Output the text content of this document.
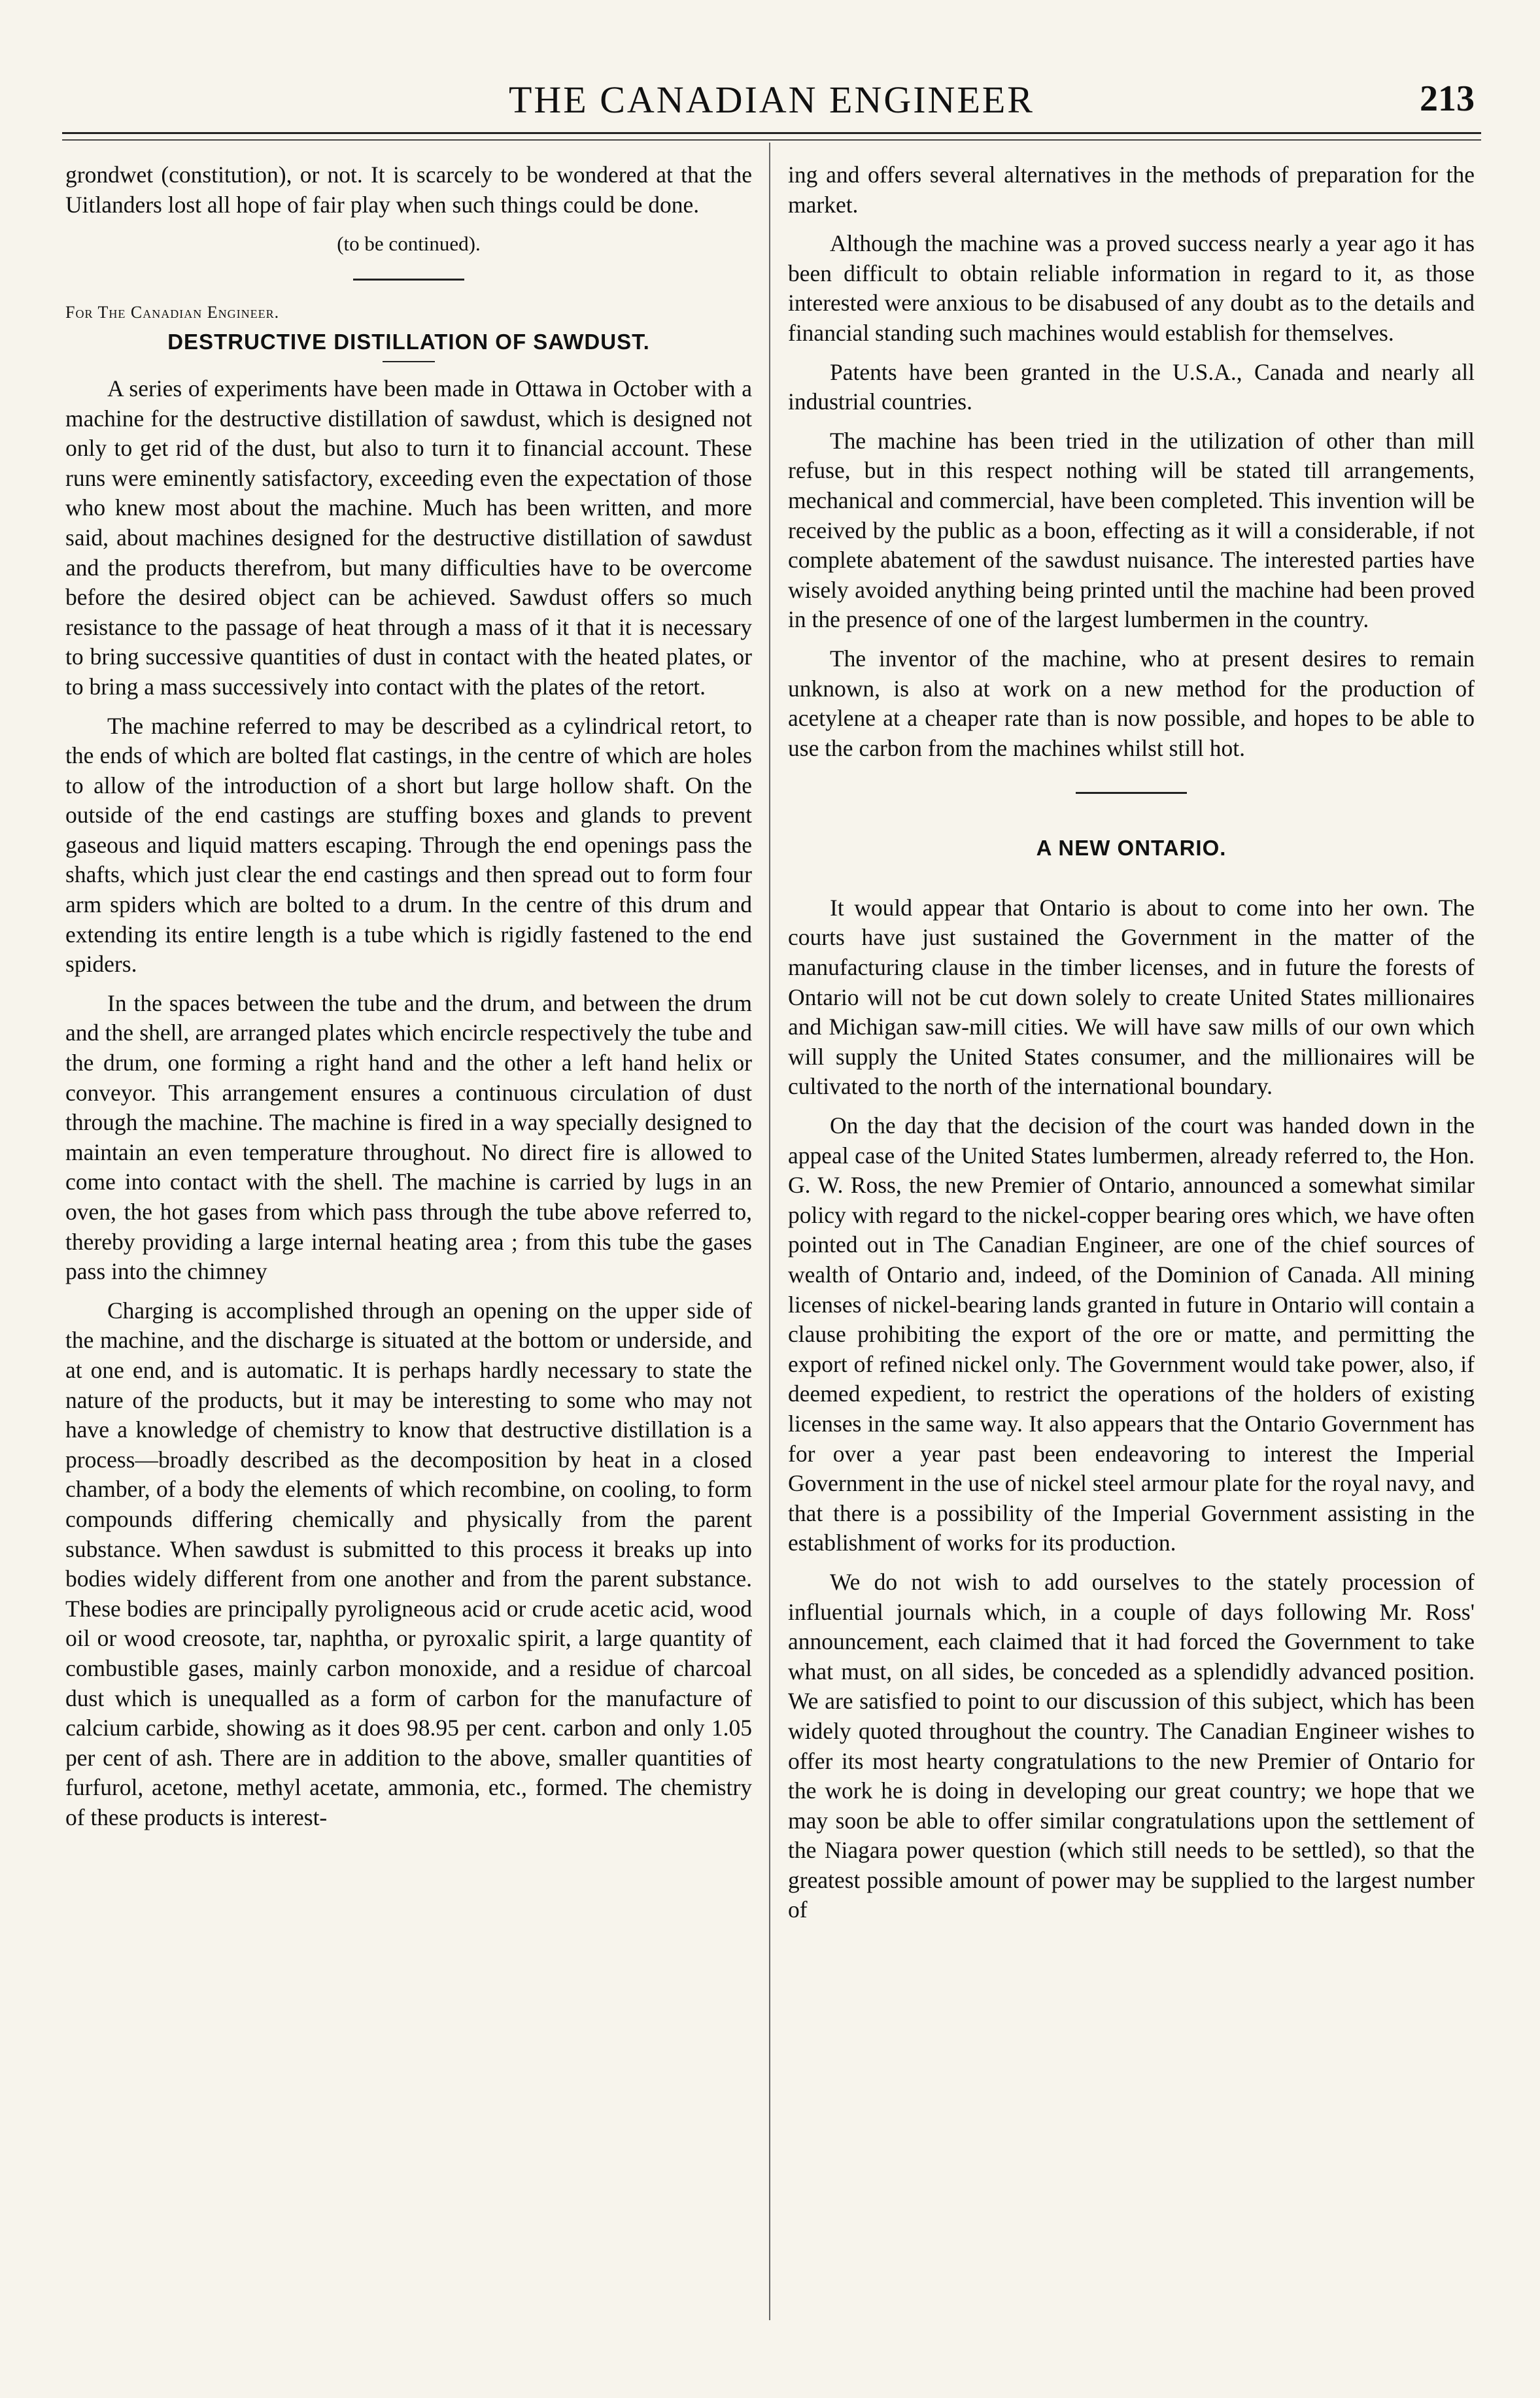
THE CANADIAN ENGINEER	213

grondwet (constitution), or not. It is scarcely to be wondered at that the Uitlanders lost all hope of fair play when such things could be done.

(to be continued).

For The Canadian Engineer.

DESTRUCTIVE DISTILLATION OF SAWDUST.

A series of experiments have been made in Ottawa in October with a machine for the destructive distillation of sawdust, which is designed not only to get rid of the dust, but also to turn it to financial account. These runs were eminently satisfactory, exceeding even the expectation of those who knew most about the machine. Much has been written, and more said, about machines designed for the destructive distillation of sawdust and the products therefrom, but many difficulties have to be overcome before the desired object can be achieved. Sawdust offers so much resistance to the passage of heat through a mass of it that it is necessary to bring successive quantities of dust in contact with the heated plates, or to bring a mass successively into contact with the plates of the retort.

The machine referred to may be described as a cylindrical retort, to the ends of which are bolted flat castings, in the centre of which are holes to allow of the introduction of a short but large hollow shaft. On the outside of the end castings are stuffing boxes and glands to prevent gaseous and liquid matters escaping. Through the end openings pass the shafts, which just clear the end castings and then spread out to form four arm spiders which are bolted to a drum. In the centre of this drum and extending its entire length is a tube which is rigidly fastened to the end spiders.

In the spaces between the tube and the drum, and between the drum and the shell, are arranged plates which encircle respectively the tube and the drum, one forming a right hand and the other a left hand helix or conveyor. This arrangement ensures a continuous circulation of dust through the machine. The machine is fired in a way specially designed to maintain an even temperature throughout. No direct fire is allowed to come into contact with the shell. The machine is carried by lugs in an oven, the hot gases from which pass through the tube above referred to, thereby providing a large internal heating area ; from this tube the gases pass into the chimney

Charging is accomplished through an opening on the upper side of the machine, and the discharge is situated at the bottom or underside, and at one end, and is automatic. It is perhaps hardly necessary to state the nature of the products, but it may be interesting to some who may not have a knowledge of chemistry to know that destructive distillation is a process—broadly described as the decomposition by heat in a closed chamber, of a body the elements of which recombine, on cooling, to form compounds differing chemically and physically from the parent substance. When sawdust is submitted to this process it breaks up into bodies widely different from one another and from the parent substance. These bodies are principally pyroligneous acid or crude acetic acid, wood oil or wood creosote, tar, naphtha, or pyroxalic spirit, a large quantity of combustible gases, mainly carbon monoxide, and a residue of charcoal dust which is unequalled as a form of carbon for the manufacture of calcium carbide, showing as it does 98.95 per cent. carbon and only 1.05 per cent of ash. There are in addition to the above, smaller quantities of furfurol, acetone, methyl acetate, ammonia, etc., formed. The chemistry of these products is interest-

ing and offers several alternatives in the methods of preparation for the market.

Although the machine was a proved success nearly a year ago it has been difficult to obtain reliable information in regard to it, as those interested were anxious to be disabused of any doubt as to the details and financial standing such machines would establish for themselves.

Patents have been granted in the U.S.A., Canada and nearly all industrial countries.

The machine has been tried in the utilization of other than mill refuse, but in this respect nothing will be stated till arrangements, mechanical and commercial, have been completed. This invention will be received by the public as a boon, effecting as it will a considerable, if not complete abatement of the sawdust nuisance. The interested parties have wisely avoided anything being printed until the machine had been proved in the presence of one of the largest lumbermen in the country.

The inventor of the machine, who at present desires to remain unknown, is also at work on a new method for the production of acetylene at a cheaper rate than is now possible, and hopes to be able to use the carbon from the machines whilst still hot.

A NEW ONTARIO.

It would appear that Ontario is about to come into her own. The courts have just sustained the Government in the matter of the manufacturing clause in the timber licenses, and in future the forests of Ontario will not be cut down solely to create United States millionaires and Michigan saw-mill cities. We will have saw mills of our own which will supply the United States consumer, and the millionaires will be cultivated to the north of the international boundary.

On the day that the decision of the court was handed down in the appeal case of the United States lumbermen, already referred to, the Hon. G. W. Ross, the new Premier of Ontario, announced a somewhat similar policy with regard to the nickel-copper bearing ores which, we have often pointed out in The Canadian Engineer, are one of the chief sources of wealth of Ontario and, indeed, of the Dominion of Canada. All mining licenses of nickel-bearing lands granted in future in Ontario will contain a clause prohibiting the export of the ore or matte, and permitting the export of refined nickel only. The Government would take power, also, if deemed expedient, to restrict the operations of the holders of existing licenses in the same way. It also appears that the Ontario Government has for over a year past been endeavoring to interest the Imperial Government in the use of nickel steel armour plate for the royal navy, and that there is a possibility of the Imperial Government assisting in the establishment of works for its production.

We do not wish to add ourselves to the stately procession of influential journals which, in a couple of days following Mr. Ross' announcement, each claimed that it had forced the Government to take what must, on all sides, be conceded as a splendidly advanced position. We are satisfied to point to our discussion of this subject, which has been widely quoted throughout the country. The Canadian Engineer wishes to offer its most hearty congratulations to the new Premier of Ontario for the work he is doing in developing our great country; we hope that we may soon be able to offer similar congratulations upon the settlement of the Niagara power question (which still needs to be settled), so that the greatest possible amount of power may be supplied to the largest number of
